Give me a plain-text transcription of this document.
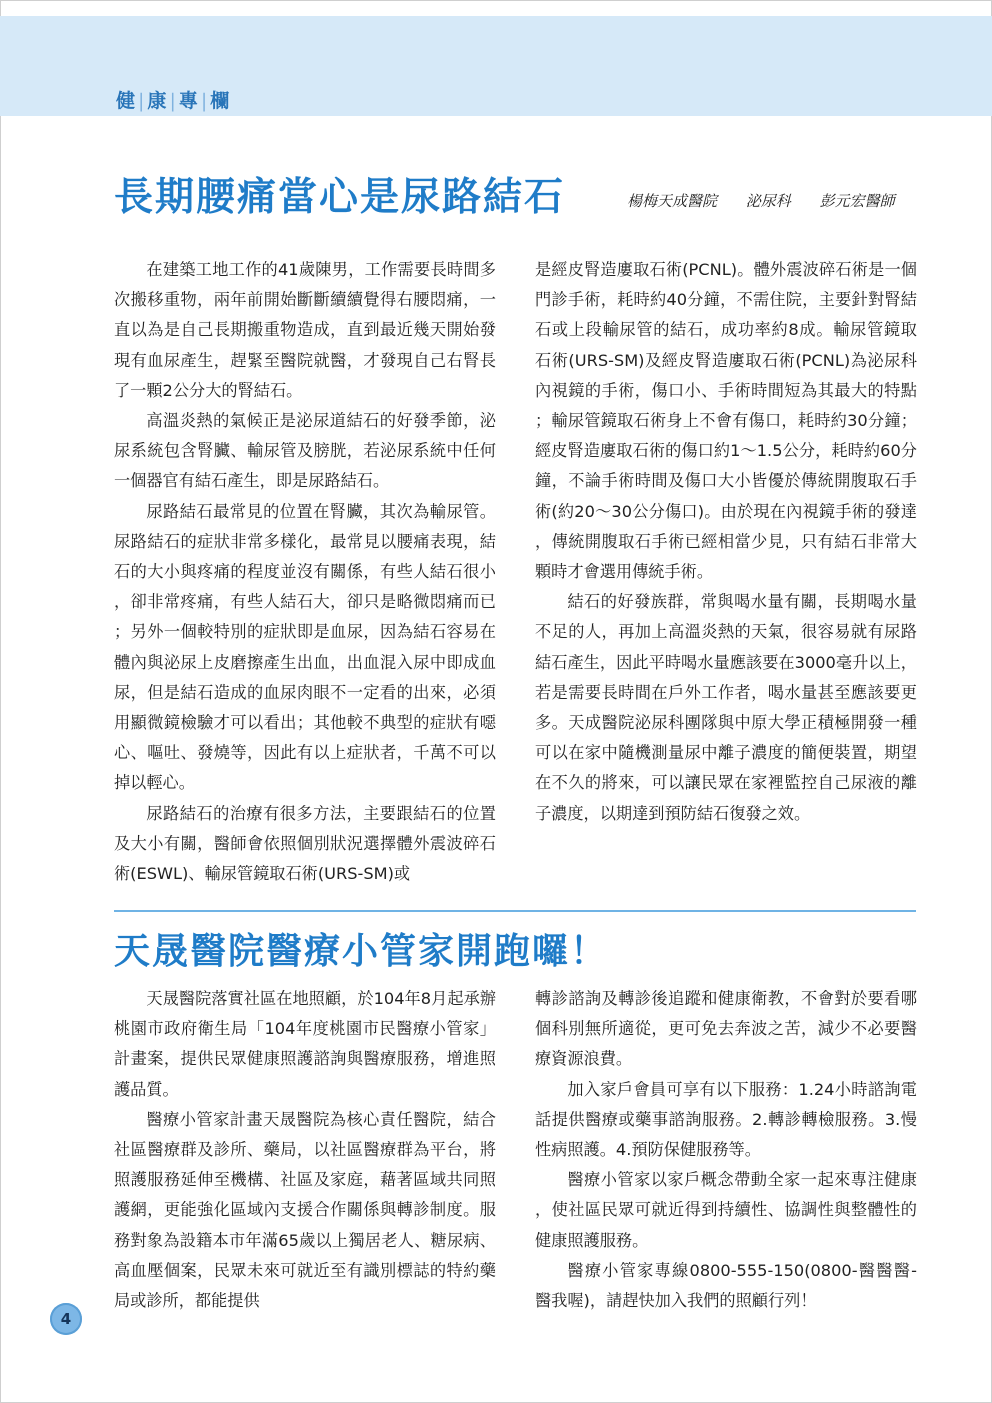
健|康|專|欄
長期腰痛當心是尿路結石	楊梅天成醫院 泌尿科 彭元宏醫師

在建築工地工作的41歲陳男，工作需要長時間多次搬移重物，兩年前開始斷斷續續覺得右腰悶痛，一直以為是自己長期搬重物造成，直到最近幾天開始發現有血尿產生，趕緊至醫院就醫，才發現自己右腎長了一顆2公分大的腎結石。

高溫炎熱的氣候正是泌尿道結石的好發季節，泌尿系統包含腎臟、輸尿管及膀胱，若泌尿系統中任何一個器官有結石產生，即是尿路結石。

尿路結石最常見的位置在腎臟，其次為輸尿管。尿路結石的症狀非常多樣化，最常見以腰痛表現，結石的大小與疼痛的程度並沒有關係，有些人結石很小，卻非常疼痛，有些人結石大，卻只是略微悶痛而已；另外一個較特別的症狀即是血尿，因為結石容易在體內與泌尿上皮磨擦產生出血，出血混入尿中即成血尿，但是結石造成的血尿肉眼不一定看的出來，必須用顯微鏡檢驗才可以看出；其他較不典型的症狀有噁心、嘔吐、發燒等，因此有以上症狀者，千萬不可以掉以輕心。

尿路結石的治療有很多方法，主要跟結石的位置及大小有關，醫師會依照個別狀況選擇體外震波碎石術(ESWL)、輸尿管鏡取石術(URS-SM)或

是經皮腎造廔取石術(PCNL)。體外震波碎石術是一個門診手術，耗時約40分鐘，不需住院，主要針對腎結石或上段輸尿管的結石，成功率約8成。輸尿管鏡取石術(URS-SM)及經皮腎造廔取石術(PCNL)為泌尿科內視鏡的手術，傷口小、手術時間短為其最大的特點；輸尿管鏡取石術身上不會有傷口，耗時約30分鐘；經皮腎造廔取石術的傷口約1～1.5公分，耗時約60分鐘，不論手術時間及傷口大小皆優於傳統開腹取石手術(約20～30公分傷口)。由於現在內視鏡手術的發達，傳統開腹取石手術已經相當少見，只有結石非常大顆時才會選用傳統手術。

結石的好發族群，常與喝水量有關，長期喝水量不足的人，再加上高溫炎熱的天氣，很容易就有尿路結石產生，因此平時喝水量應該要在3000毫升以上，若是需要長時間在戶外工作者，喝水量甚至應該要更多。天成醫院泌尿科團隊與中原大學正積極開發一種可以在家中隨機測量尿中離子濃度的簡便裝置，期望在不久的將來，可以讓民眾在家裡監控自己尿液的離子濃度，以期達到預防結石復發之效。

天晟醫院醫療小管家開跑囉！

天晟醫院落實社區在地照顧，於104年8月起承辦桃園市政府衛生局「104年度桃園市民醫療小管家」計畫案，提供民眾健康照護諮詢與醫療服務，增進照護品質。

醫療小管家計畫天晟醫院為核心責任醫院，結合社區醫療群及診所、藥局，以社區醫療群為平台，將照護服務延伸至機構、社區及家庭，藉著區域共同照護網，更能強化區域內支援合作關係與轉診制度。服務對象為設籍本市年滿65歲以上獨居老人、糖尿病、高血壓個案，民眾未來可就近至有識別標誌的特約藥局或診所，都能提供

轉診諮詢及轉診後追蹤和健康衛教，不會對於要看哪個科別無所適從，更可免去奔波之苦，減少不必要醫療資源浪費。

加入家戶會員可享有以下服務：1.24小時諮詢電話提供醫療或藥事諮詢服務。2.轉診轉檢服務。3.慢性病照護。4.預防保健服務等。

醫療小管家以家戶概念帶動全家一起來專注健康，使社區民眾可就近得到持續性、協調性與整體性的健康照護服務。

醫療小管家專線0800-555-150(0800-醫醫醫-醫我喔)，請趕快加入我們的照顧行列！

4
